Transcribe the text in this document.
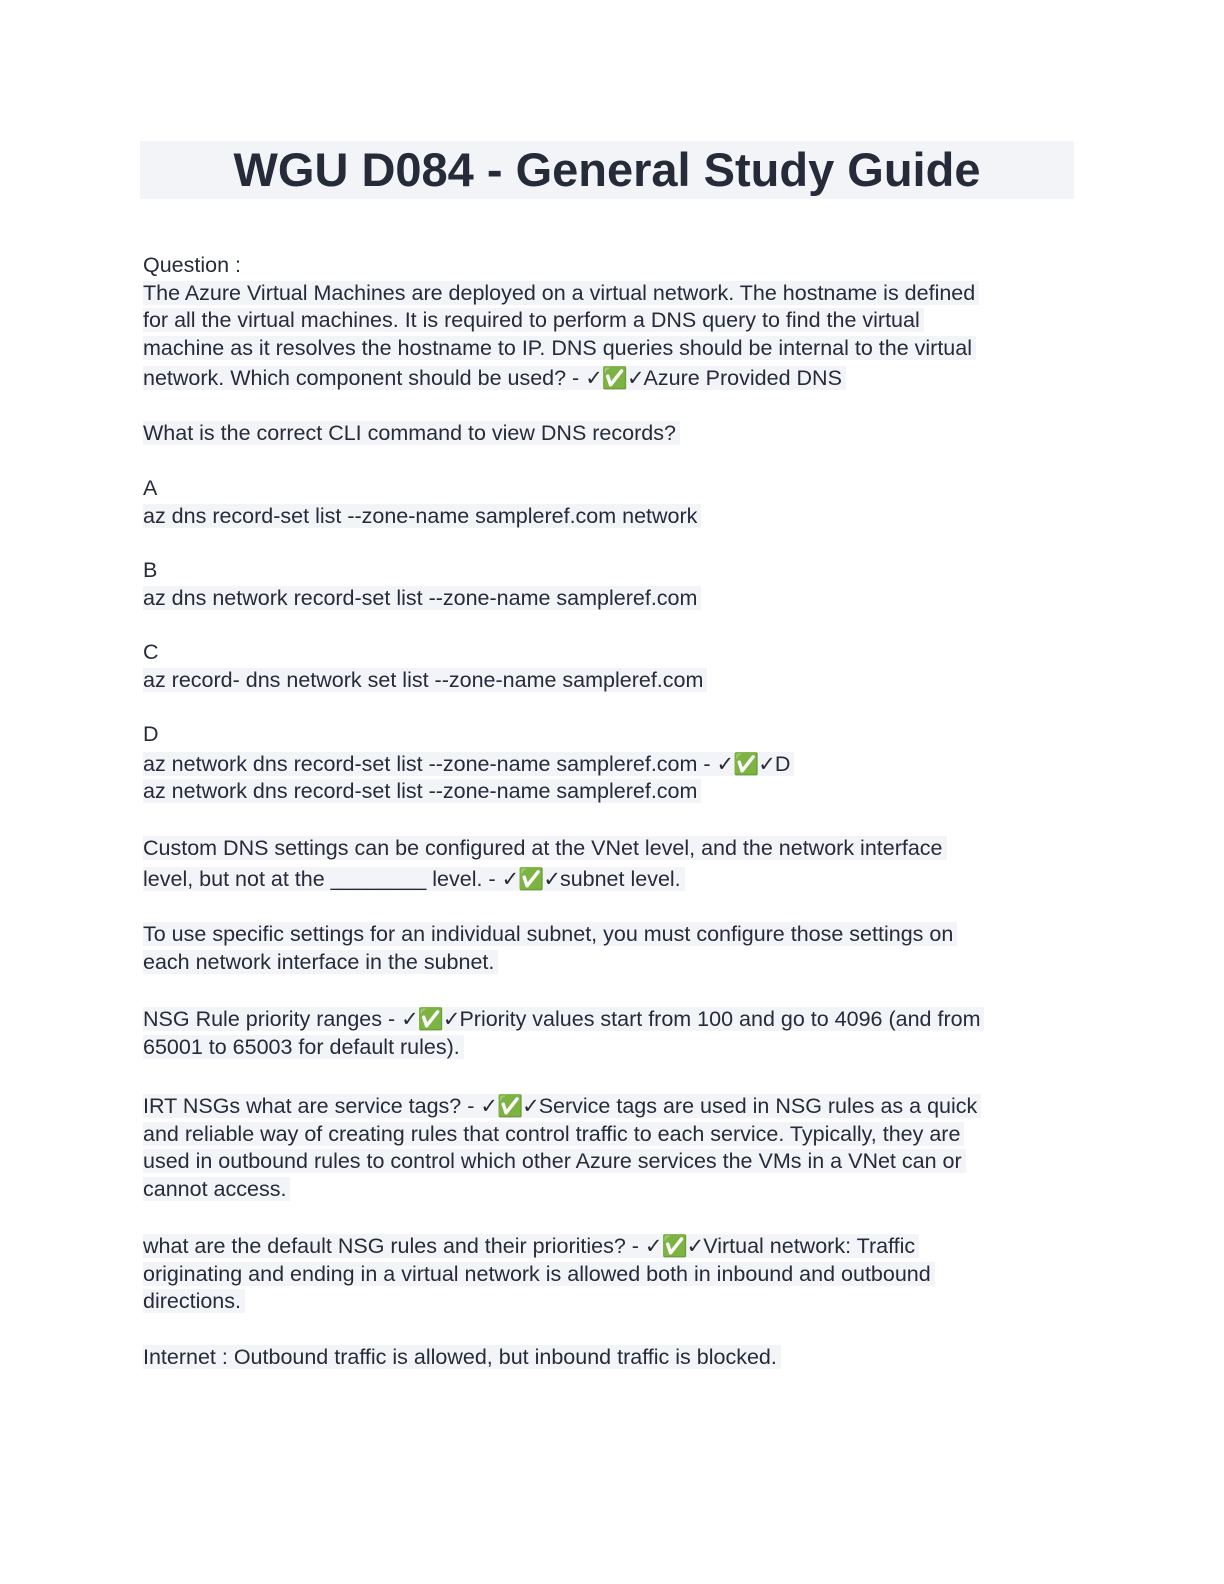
WGU D084 - General Study Guide
Question :
The Azure Virtual Machines are deployed on a virtual network. The hostname is defined
for all the virtual machines. It is required to perform a DNS query to find the virtual
machine as it resolves the hostname to IP. DNS queries should be internal to the virtual
network. Which component should be used? - ✓✅✓Azure Provided DNS
What is the correct CLI command to view DNS records?
A
az dns record-set list --zone-name sampleref.com network
B
az dns network record-set list --zone-name sampleref.com
C
az record- dns network set list --zone-name sampleref.com
D
az network dns record-set list --zone-name sampleref.com - ✓✅✓D
az network dns record-set list --zone-name sampleref.com
Custom DNS settings can be configured at the VNet level, and the network interface
level, but not at the ________ level. - ✓✅✓subnet level.
To use specific settings for an individual subnet, you must configure those settings on
each network interface in the subnet.
NSG Rule priority ranges - ✓✅✓Priority values start from 100 and go to 4096 (and from
65001 to 65003 for default rules).
IRT NSGs what are service tags? - ✓✅✓Service tags are used in NSG rules as a quick
and reliable way of creating rules that control traffic to each service. Typically, they are
used in outbound rules to control which other Azure services the VMs in a VNet can or
cannot access.
what are the default NSG rules and their priorities? - ✓✅✓Virtual network: Traffic
originating and ending in a virtual network is allowed both in inbound and outbound
directions.
Internet : Outbound traffic is allowed, but inbound traffic is blocked.
